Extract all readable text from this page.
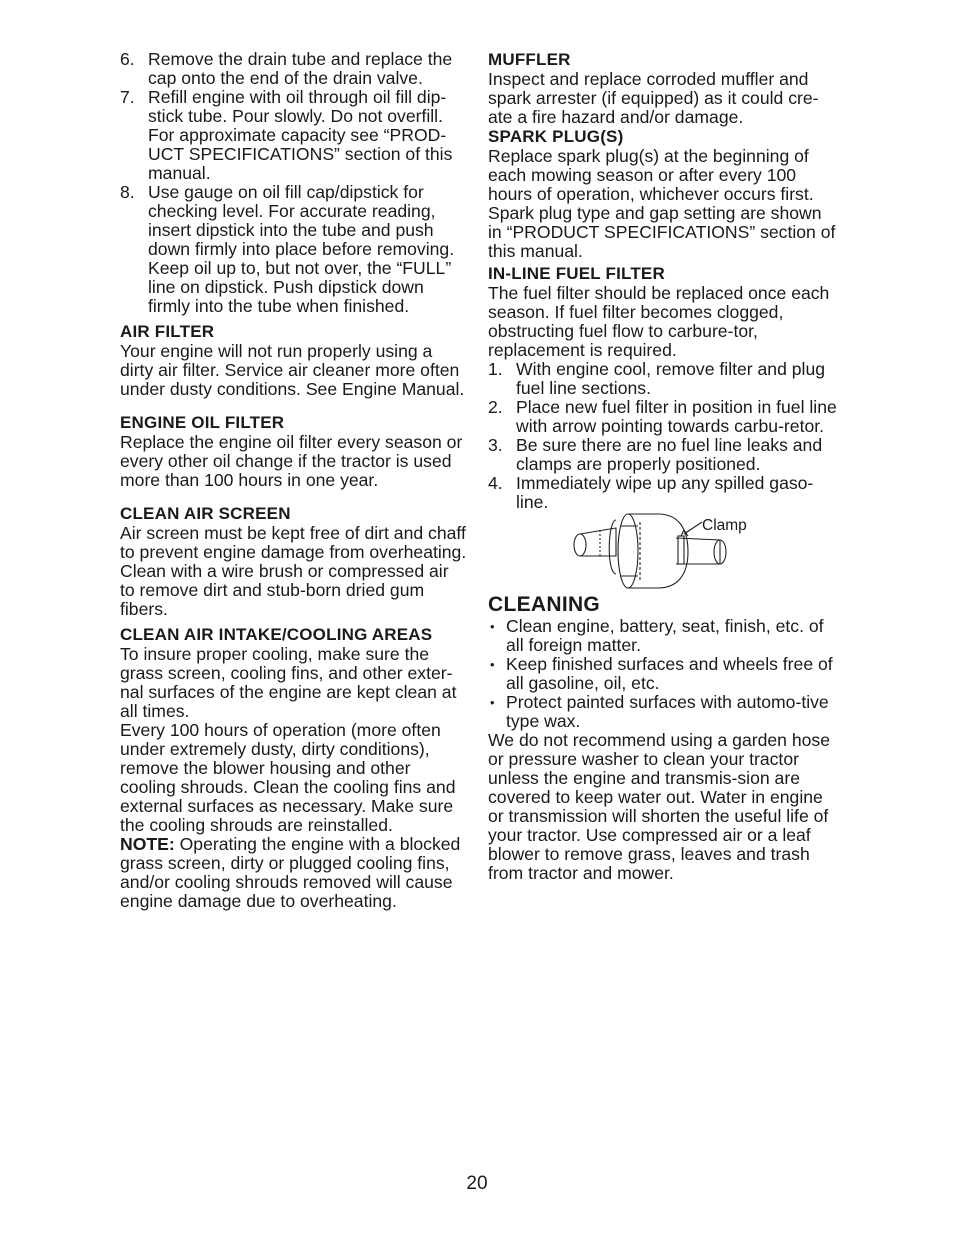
6. Remove the drain tube and replace the cap onto the end of the drain valve.
7. Refill engine with oil through oil fill dip-stick tube. Pour slowly. Do not overfill. For approximate capacity see “PROD-UCT SPECIFICATIONS” section of this manual.
8. Use gauge on oil fill cap/dipstick for checking level. For accurate reading, insert dipstick into the tube and push down firmly into place before removing. Keep oil up to, but not over, the “FULL” line on dipstick. Push dipstick down firmly into the tube when finished.
AIR FILTER

Your engine will not run properly using a dirty air filter. Service air cleaner more often under dusty conditions. See Engine Manual.

ENGINE OIL FILTER

Replace the engine oil filter every season or every other oil change if the tractor is used more than 100 hours in one year.

CLEAN AIR SCREEN

Air screen must be kept free of dirt and chaff to prevent engine damage from overheating. Clean with a wire brush or compressed air to remove dirt and stub-born dried gum fibers.

CLEAN AIR INTAKE/COOLING AREAS

To insure proper cooling, make sure the grass screen, cooling fins, and other exter-nal surfaces of the engine are kept clean at all times.

Every 100 hours of operation (more often under extremely dusty, dirty conditions), remove the blower housing and other cooling shrouds. Clean the cooling fins and external surfaces as necessary. Make sure the cooling shrouds are reinstalled.

NOTE: Operating the engine with a blocked grass screen, dirty or plugged cooling fins, and/or cooling shrouds removed will cause engine damage due to overheating.

MUFFLER

Inspect and replace corroded muffler and spark arrester (if equipped) as it could cre-ate a fire hazard and/or damage.

SPARK PLUG(S)

Replace spark plug(s) at the beginning of each mowing season or after every 100 hours of operation, whichever occurs first. Spark plug type and gap setting are shown in “PRODUCT SPECIFICATIONS” section of this manual.

IN-LINE FUEL FILTER

The fuel filter should be replaced once each season. If fuel filter becomes clogged, obstructing fuel flow to carbure-tor, replacement is required.

1. With engine cool, remove filter and plug fuel line sections.
2. Place new fuel filter in position in fuel line with arrow pointing towards carbu-retor.
3. Be sure there are no fuel line leaks and clamps are properly positioned.
4. Immediately wipe up any spilled gaso-line.
Clamp
CLEANING
• Clean engine, battery, seat, finish, etc. of all foreign matter.
• Keep finished surfaces and wheels free of all gasoline, oil, etc.
• Protect painted surfaces with automo-tive type wax.

We do not recommend using a garden hose or pressure washer to clean your tractor unless the engine and transmis-sion are covered to keep water out. Water in engine or transmission will shorten the useful life of your tractor. Use compressed air or a leaf blower to remove grass, leaves and trash from tractor and mower.

20
